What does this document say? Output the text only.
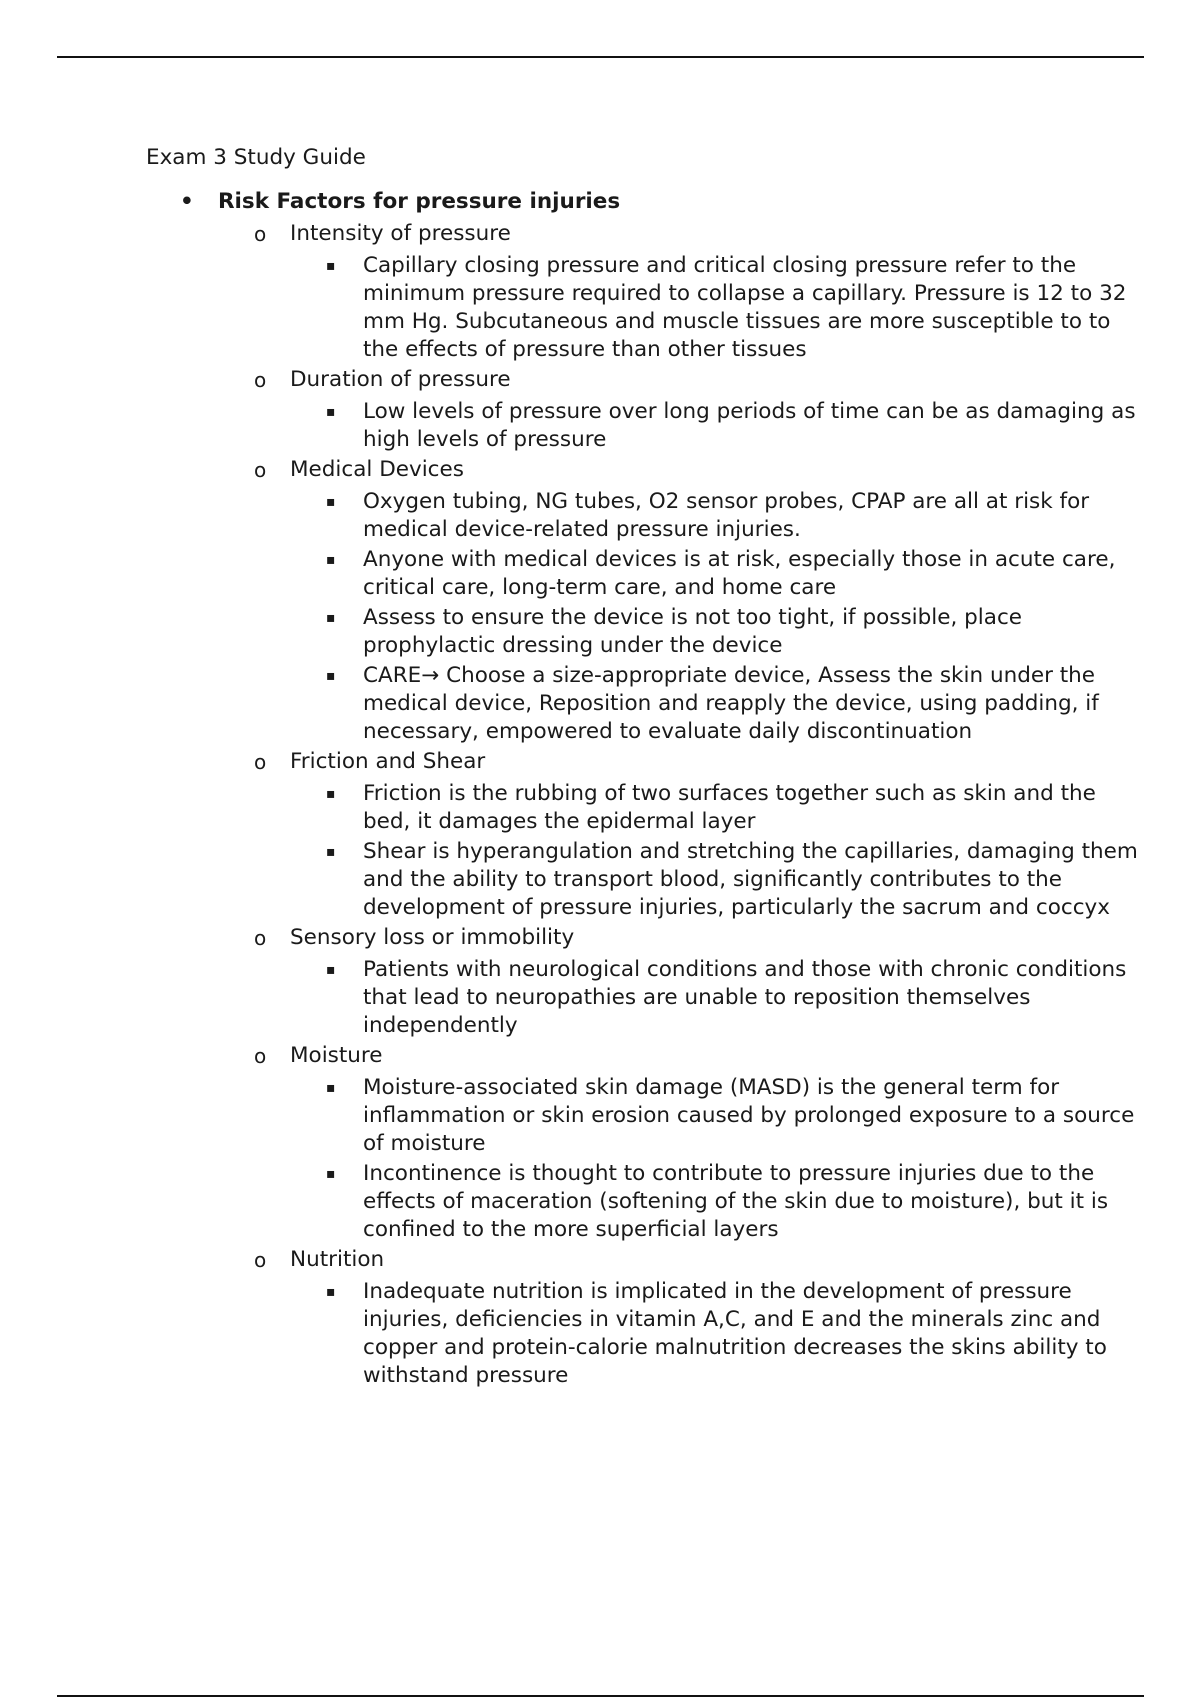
Exam 3 Study Guide
• Risk Factors for pressure injuries
o	Intensity of pressure
▪	Capillary closing pressure and critical closing pressure refer to the minimum pressure required to collapse a capillary. Pressure is 12 to 32 mm Hg. Subcutaneous and muscle tissues are more susceptible to to the effects of pressure than other tissues
o	Duration of pressure
▪	Low levels of pressure over long periods of time can be as damaging as high levels of pressure
o	Medical Devices
▪	Oxygen tubing, NG tubes, O2 sensor probes, CPAP are all at risk for medical device-related pressure injuries.
▪	Anyone with medical devices is at risk, especially those in acute care, critical care, long-term care, and home care
▪	Assess to ensure the device is not too tight, if possible, place prophylactic dressing under the device
▪	CARE→ Choose a size-appropriate device, Assess the skin under the medical device, Reposition and reapply the device, using padding, if necessary, empowered to evaluate daily discontinuation
o	Friction and Shear
▪	Friction is the rubbing of two surfaces together such as skin and the bed, it damages the epidermal layer
▪	Shear is hyperangulation and stretching the capillaries, damaging them and the ability to transport blood, significantly contributes to the development of pressure injuries, particularly the sacrum and coccyx
o	Sensory loss or immobility
▪	Patients with neurological conditions and those with chronic conditions that lead to neuropathies are unable to reposition themselves independently
o	Moisture
▪	Moisture-associated skin damage (MASD) is the general term for inflammation or skin erosion caused by prolonged exposure to a source of moisture
▪	Incontinence is thought to contribute to pressure injuries due to the effects of maceration (softening of the skin due to moisture), but it is confined to the more superficial layers
o	Nutrition
▪	Inadequate nutrition is implicated in the development of pressure injuries, deficiencies in vitamin A,C, and E and the minerals zinc and copper and protein-calorie malnutrition decreases the skins ability to withstand pressure
